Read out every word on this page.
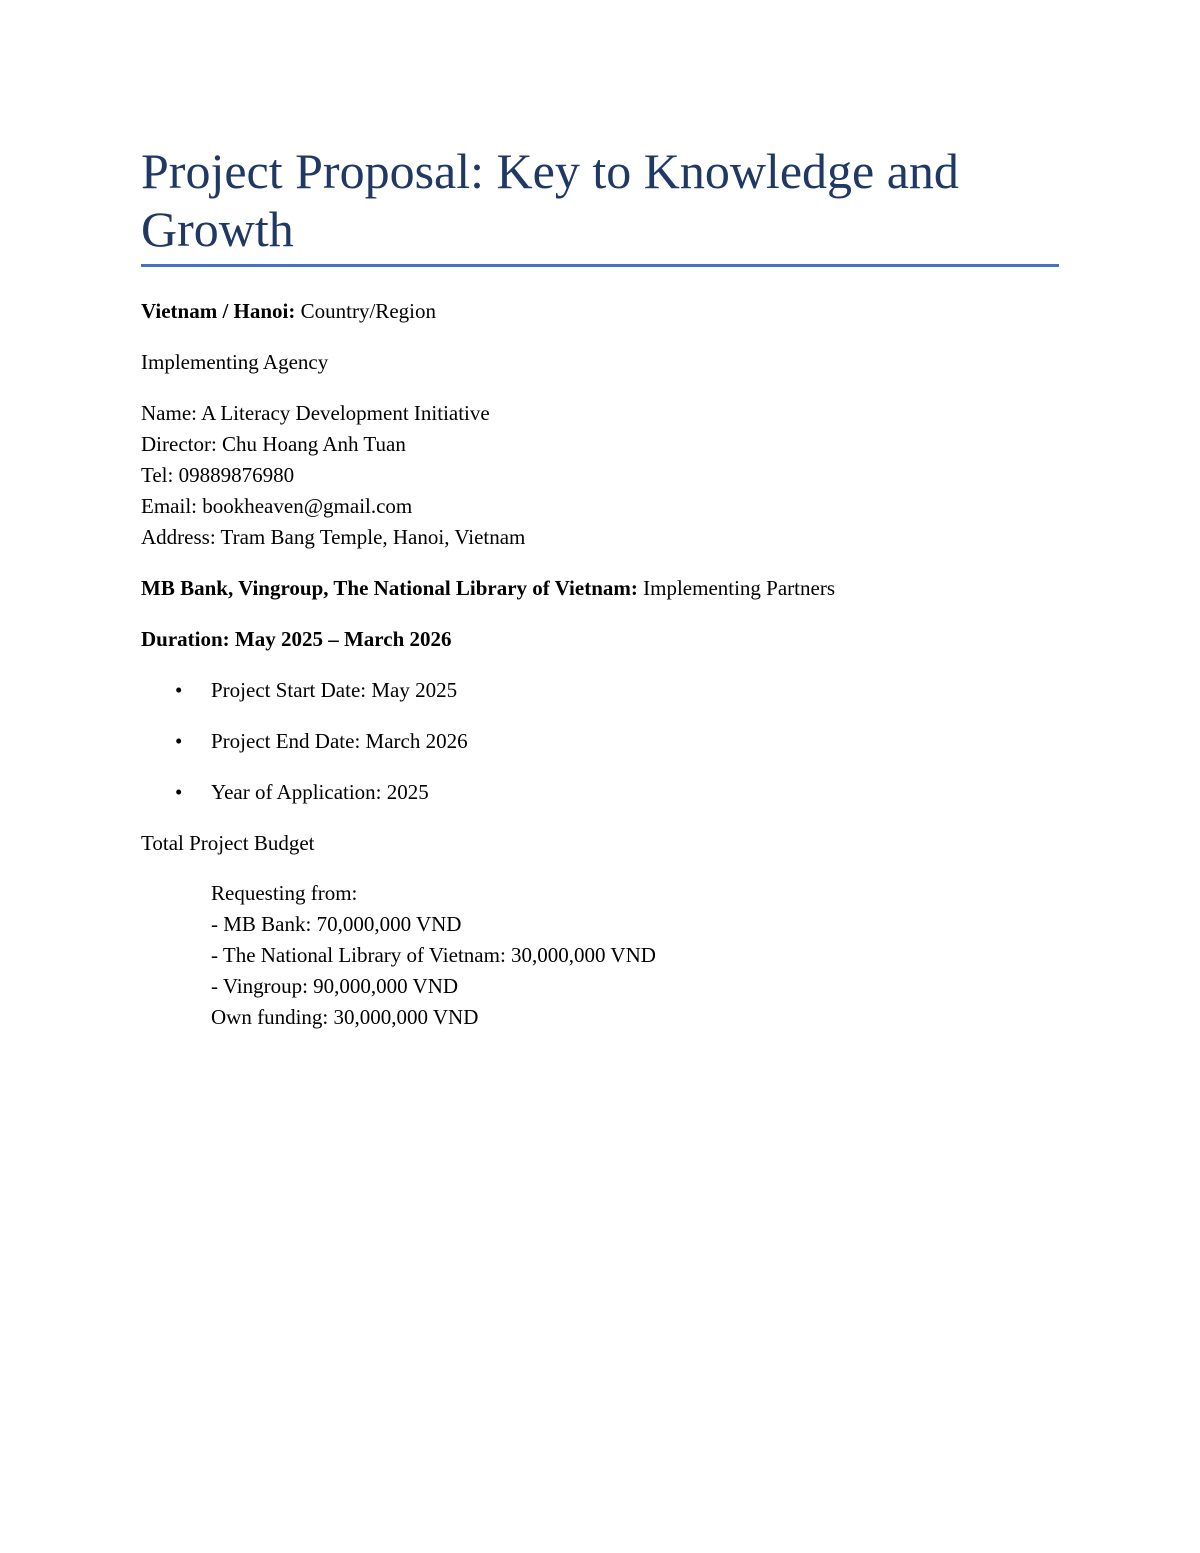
Project Proposal: Key to Knowledge and Growth

Vietnam / Hanoi: Country/Region

Implementing Agency

Name: A Literacy Development Initiative

Director: Chu Hoang Anh Tuan

Tel: 09889876980

Email: bookheaven@gmail.com

Address: Tram Bang Temple, Hanoi, Vietnam

MB Bank, Vingroup, The National Library of Vietnam: Implementing Partners

Duration: May 2025 – March 2026

• Project Start Date: May 2025
• Project End Date: March 2026
• Year of Application: 2025

Total Project Budget

Requesting from:

- MB Bank: 70,000,000 VND

- The National Library of Vietnam: 30,000,000 VND

- Vingroup: 90,000,000 VND

Own funding: 30,000,000 VND
